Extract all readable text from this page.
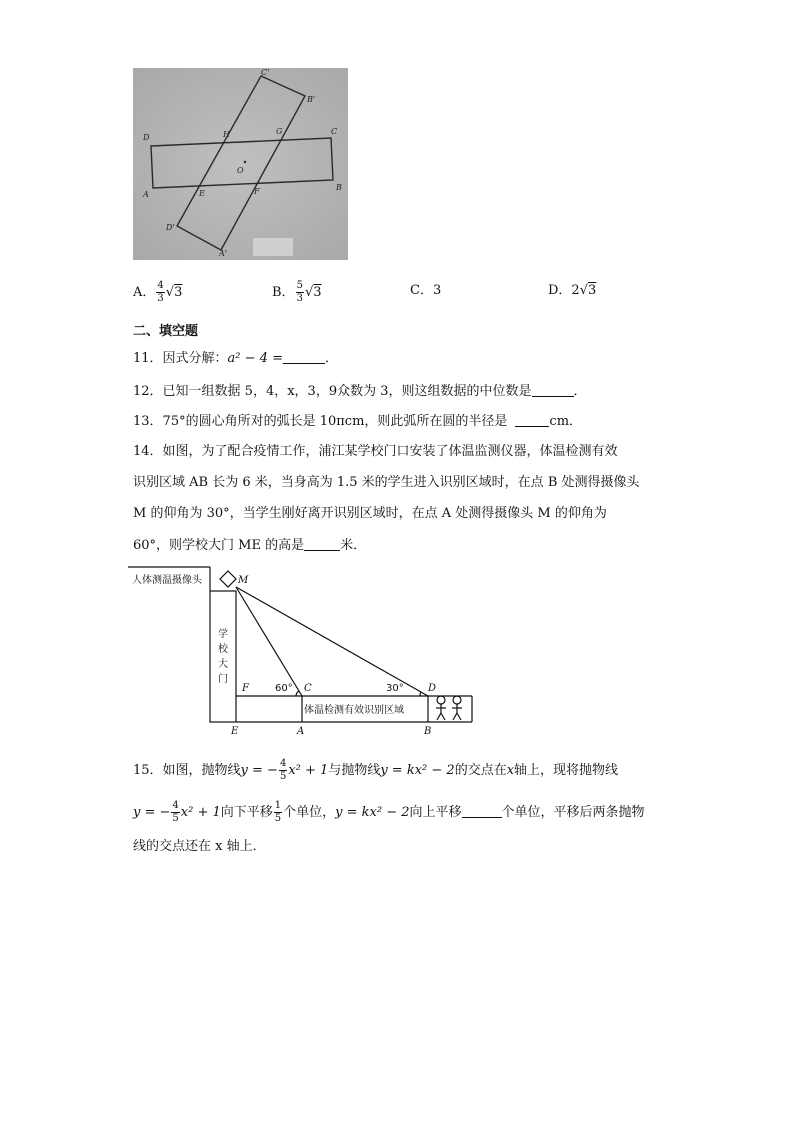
C'
B'
D	H	G	C
O
A	E	F	B
D'
A'
A． $\frac{4}{3} √3$	B． $\frac{5}{3} √3$	C．3	D．2√3
二、填空题
11．因式分解：a² − 4 =	．
12．已知一组数据 5，4，x，3，9众数为 3，则这组数据的中位数是	．
13．75°的圆心角所对的弧长是 10πcm，则此弧所在圆的半径是	cm．
14．如图，为了配合疫情工作，浦江某学校门口安装了体温监测仪器，体温检测有效
识别区域 AB 长为 6 米，当身高为 1.5 米的学生进入识别区域时，在点 B 处测得摄像头
M 的仰角为 30°，当学生刚好离开识别区域时，在点 A 处测得摄像头 M 的仰角为
60°，则学校大门 ME 的高是	米．
人体测温摄像头
学
校
大
门
体温检测有效识别区域
60°	30°
M
F	C	D
E	A	B
15．如图，抛物线y = − $\frac{4}{5} x^2 + 1$与抛物线y = kx² − 2的交点在x轴上，现将抛物线
y = − $\frac{4}{5} x^2 + 1$向下平移 $\frac{1}{5}$ 个单位，y = kx² − 2向上平移	个单位，平移后两条抛物
线的交点还在 x 轴上．
